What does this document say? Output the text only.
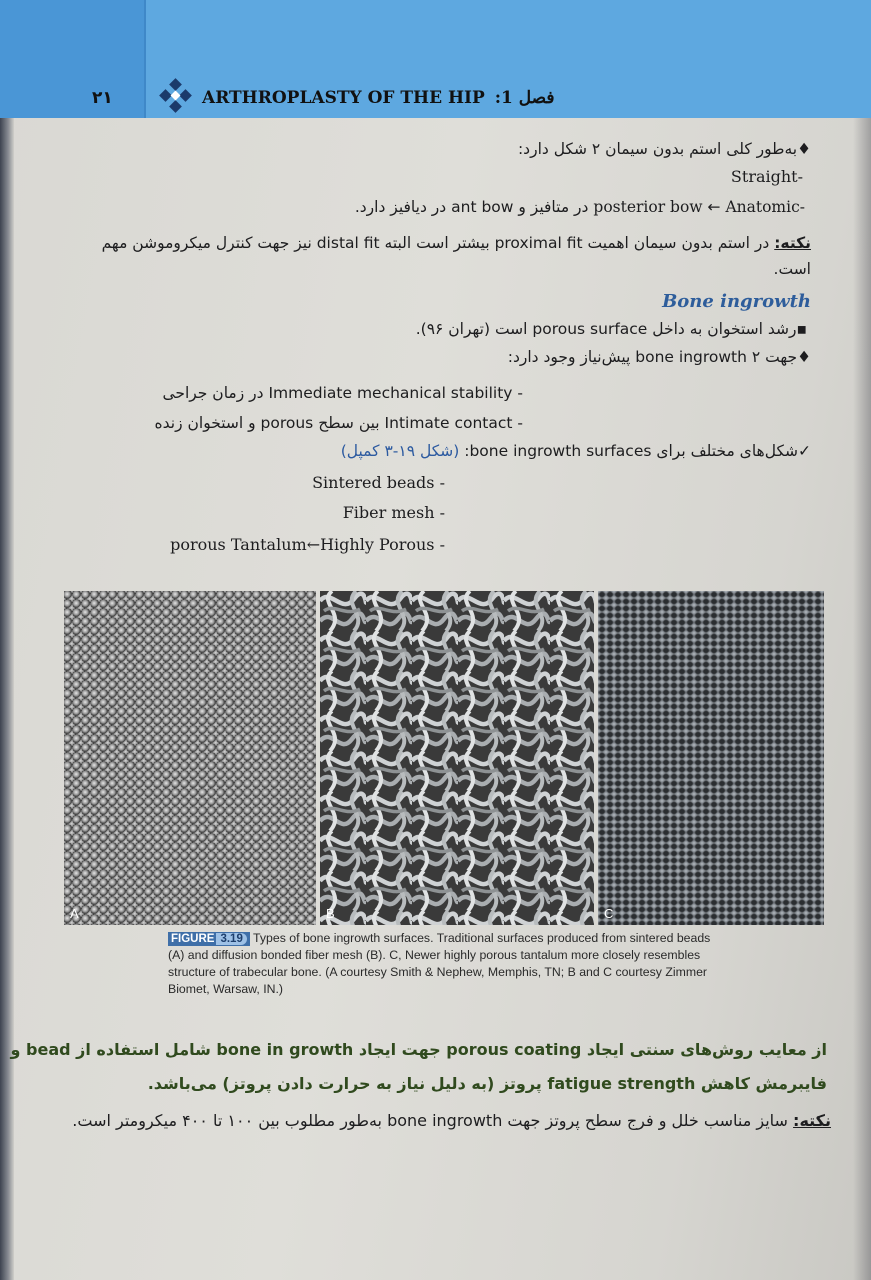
۲۱	ARTHROPLASTY OF THE HIP فصل 1:
♦به‌طور کلی استم بدون سیمان ۲ شکل دارد:
Straight-
در متافیز و ant bow در دیافیز دارد. posterior bow ← Anatomic-
نکته: در استم بدون سیمان اهمیت proximal fit بیشتر است البته distal fit نیز جهت کنترل میکروموشن مهم
است.
Bone ingrowth
▪رشد استخوان به داخل porous surface است (تهران ۹۶).
♦جهت bone ingrowth ۲ پیش‌نیاز وجود دارد:
- Immediate mechanical stability در زمان جراحی
- Intimate contact بین سطح porous و استخوان زنده
✓شکل‌های مختلف برای bone ingrowth surfaces: (شکل ۱۹-۳ کمپل)
Sintered beads -
Fiber mesh -
porous Tantalum←Highly Porous -
A	B	C
FIGURE 3.19 Types of bone ingrowth surfaces. Traditional surfaces produced from sintered beads (A) and diffusion bonded fiber mesh (B). C, Newer highly porous tantalum more closely resembles structure of trabecular bone. (A courtesy Smith & Nephew, Memphis, TN; B and C courtesy Zimmer Biomet, Warsaw, IN.)
از معایب روش‌های سنتی ایجاد porous coating جهت ایجاد bone in growth شامل استفاده از bead و
فایبرمش کاهش fatigue strength پروتز (به دلیل نیاز به حرارت دادن پروتز) می‌باشد.
نکته: سایز مناسب خلل و فرج سطح پروتز جهت bone ingrowth به‌طور مطلوب بین ۱۰۰ تا ۴۰۰ میکرومتر است.
